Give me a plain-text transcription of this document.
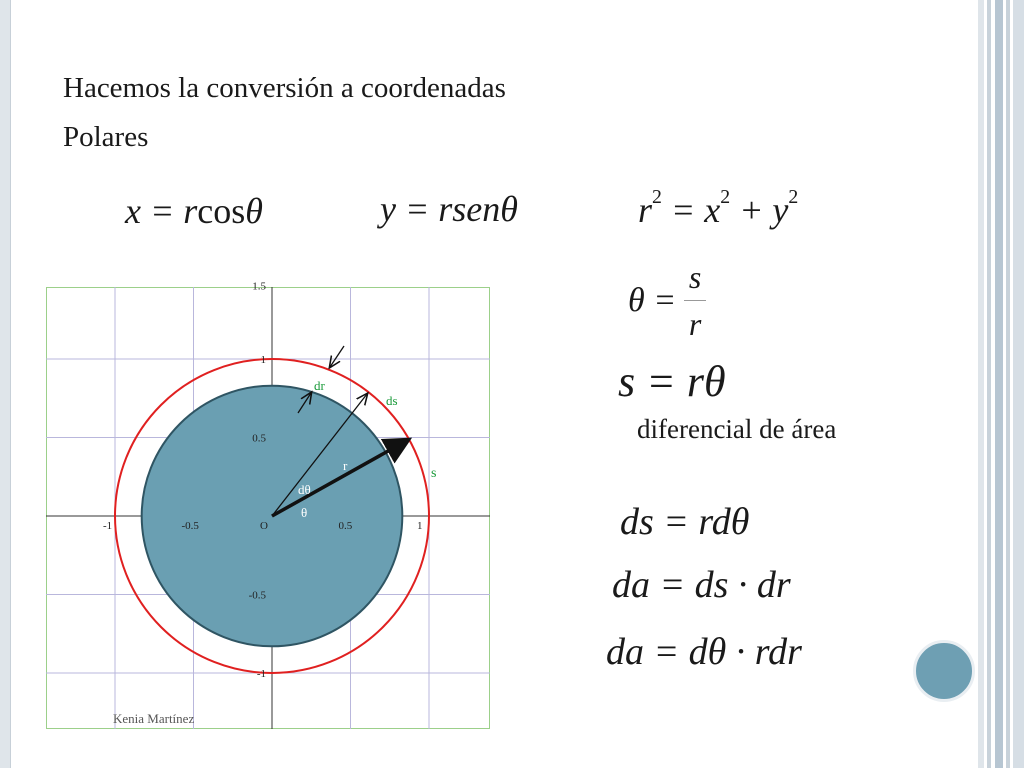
Hacemos la conversión a coordenadas
Polares

x = rcosθ	y = rsenθ	$r^2 = x^2 + y^2$
$\theta = \frac{s}{r}$
s = rθ

diferencial de área

ds = rdθ
da = ds · dr
da = dθ · rdr
-1	-0.5	O	0.5	1
1.5
1
0.5
-0.5
-1
dr
ds
r
s
dθ
θ
Kenia Martínez
